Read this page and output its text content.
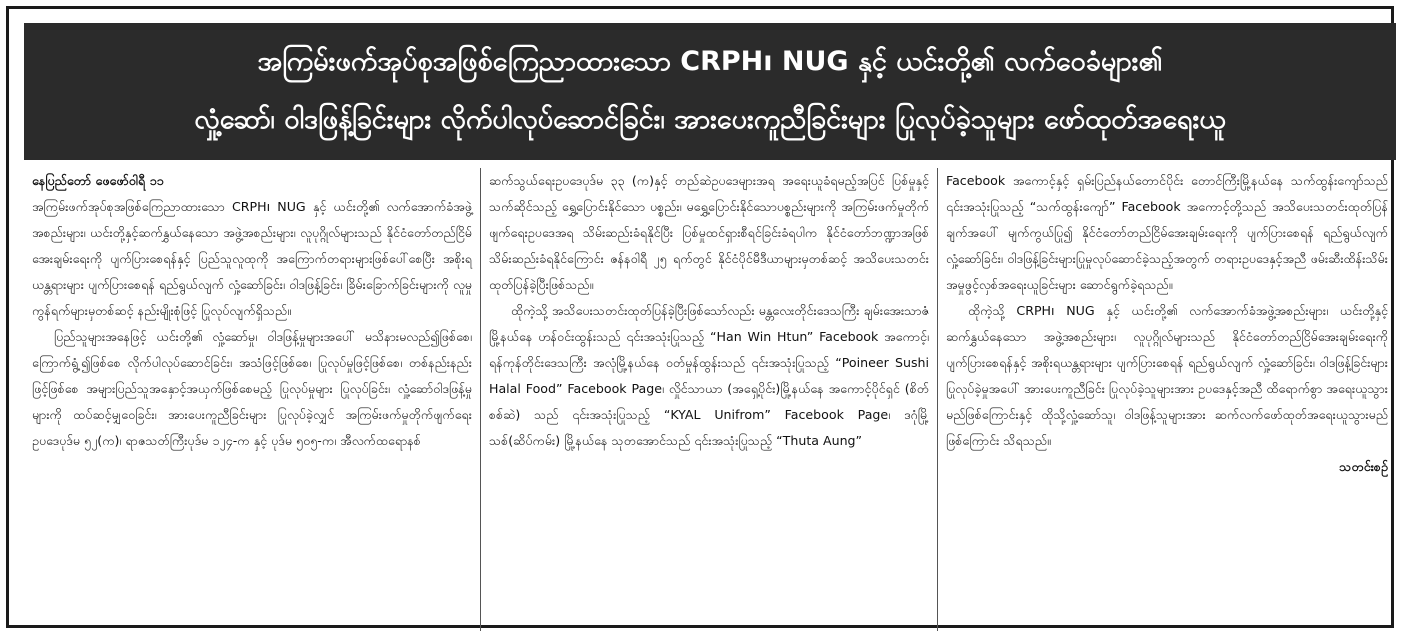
အကြမ်းဖက်အုပ်စုအဖြစ်ကြေညာထားသော CRPHı NUG နှင့် ယင်းတို့၏ လက်ဝေခံများ၏
လှုံ့ဆော်၊ ဝါဒဖြန့်ခြင်းများ လိုက်ပါလုပ်ဆောင်ခြင်း၊ အားပေးကူညီခြင်းများ ပြုလုပ်ခဲ့သူများ ဖော်ထုတ်အရေးယူ

နေပြည်တော် ဖေဖော်ဝါရီ ၁၁

အကြမ်းဖက်အုပ်စုအဖြစ်ကြေညာထားသော CRPHı NUG နှင့် ယင်းတို့၏ လက်အောက်ခံအဖွဲ့အစည်းများ၊ ယင်းတို့နှင့်ဆက်နွှယ်နေသော အဖွဲ့အစည်းများ၊ လူပုဂ္ဂိုလ်များသည် နိုင်ငံတော်တည်ငြိမ်အေးချမ်းရေးကို ပျက်ပြားစေရန်နှင့် ပြည်သူလူထုကို အကြောက်တရားများဖြစ်ပေါ်စေပြီး အစိုးရယန္တရားများ ပျက်ပြားစေရန် ရည်ရွယ်လျက် လှုံ့ဆော်ခြင်း၊ ဝါဒဖြန့်ခြင်း၊ ခြိမ်းခြောက်ခြင်းများကို လူမှုကွန်ရက်များမှတစ်ဆင့် နည်းမျိုးစုံဖြင့် ပြုလုပ်လျက်ရှိသည်။

ပြည်သူများအနေဖြင့် ယင်းတို့၏ လှုံ့ဆော်မှု၊ ဝါဒဖြန့်မှုများအပေါ် မသိနားမလည်၍ဖြစ်စေ၊ ကြောက်ရွံ့၍ဖြစ်စေ လိုက်ပါလုပ်ဆောင်ခြင်း၊ အသံဖြင့်ဖြစ်စေ၊ ပြုလုပ်မှုဖြင့်ဖြစ်စေ၊ တစ်နည်းနည်းဖြင့်ဖြစ်စေ အများပြည်သူအနှောင့်အယှက်ဖြစ်စေမည့် ပြုလုပ်မှုများ ပြုလုပ်ခြင်း၊ လှုံ့ဆော်ဝါဒဖြန့်မှုများကို ထပ်ဆင့်မျှဝေခြင်း၊ အားပေးကူညီခြင်းများ ပြုလုပ်ခဲ့လျှင် အကြမ်းဖက်မှုတိုက်ဖျက်ရေး ဥပဒေပုဒ်မ ၅၂(က)၊ ရာဇသတ်ကြီးပုဒ်မ ၁၂၄-က နှင့် ပုဒ်မ ၅၀၅-က၊ အီလက်ထရောနစ်

ဆက်သွယ်ရေးဥပဒေပုဒ်မ ၃၃ (က)နှင့် တည်ဆဲဥပဒေများအရ အရေးယူခံရမည့်အပြင် ပြစ်မှုနှင့်သက်ဆိုင်သည့် ရွှေ့ပြောင်းနိုင်သော ပစ္စည်း၊ မရွှေ့ပြောင်းနိုင်သောပစ္စည်းများကို အကြမ်းဖက်မှုတိုက်ဖျက်ရေးဥပဒေအရ သိမ်းဆည်းခံရနိုင်ပြီး ပြစ်မှုထင်ရှားစီရင်ခြင်းခံရပါက နိုင်ငံတော်ဘဏ္ဍာအဖြစ်သိမ်းဆည်းခံရနိုင်ကြောင်း ဇန်နဝါရီ ၂၅ ရက်တွင် နိုင်ငံပိုင်မီဒီယာများမှတစ်ဆင့် အသိပေးသတင်းထုတ်ပြန်ခဲ့ပြီးဖြစ်သည်။

ထိုကဲ့သို့ အသိပေးသတင်းထုတ်ပြန်ခဲ့ပြီးဖြစ်သော်လည်း မန္တလေးတိုင်းဒေသကြီး ချမ်းအေးသာဇံမြို့နယ်နေ ဟန်ဝင်းထွန်းသည် ၎င်းအသုံးပြုသည့် “Han Win Htun” Facebook အကောင့်၊ ရန်ကုန်တိုင်းဒေသကြီး အလုံမြို့နယ်နေ ဝတ်မှုန်ထွန်းသည် ၎င်းအသုံးပြုသည့် “Poineer Sushi Halal Food” Facebook Page၊ လှိုင်သာယာ (အရှေ့ပိုင်း)မြို့နယ်နေ အကောင့်ပိုင်ရှင် (စိတ်စစ်ဆဲ) သည် ၎င်းအသုံးပြုသည့် “KYAL Unifrom” Facebook Page၊ ဒဂုံမြို့သစ်(ဆိပ်ကမ်း) မြို့နယ်နေ သုတအောင်သည် ၎င်းအသုံးပြုသည့် “Thuta Aung”

Facebook အကောင့်နှင့် ရှမ်းပြည်နယ်တောင်ပိုင်း တောင်ကြီးမြို့နယ်နေ သက်ထွန်းကျော်သည် ၎င်းအသုံးပြုသည့် “သက်ထွန်းကျော်” Facebook အကောင့်တို့သည် အသိပေးသတင်းထုတ်ပြန်ချက်အပေါ် မျက်ကွယ်ပြု၍ နိုင်ငံတော်တည်ငြိမ်အေးချမ်းရေးကို ပျက်ပြားစေရန် ရည်ရွယ်လျက် လှုံ့ဆော်ခြင်း၊ ဝါဒဖြန့်ခြင်းများပြုမှုလုပ်ဆောင်ခဲ့သည့်အတွက် တရားဥပဒေနှင့်အညီ ဖမ်းဆီးထိန်းသိမ်းအမှုဖွင့်လှစ်အရေးယူခြင်းများ ဆောင်ရွက်ခဲ့ရသည်။

ထိုကဲ့သို့ CRPHı NUG နှင့် ယင်းတို့၏ လက်အောက်ခံအဖွဲ့အစည်းများ၊ ယင်းတို့နှင့် ဆက်နွှယ်နေသော အဖွဲ့အစည်းများ၊ လူပုဂ္ဂိုလ်များသည် နိုင်ငံတော်တည်ငြိမ်အေးချမ်းရေးကို ပျက်ပြားစေရန်နှင့် အစိုးရယန္တရားများ ပျက်ပြားစေရန် ရည်ရွယ်လျက် လှုံ့ဆော်ခြင်း၊ ဝါဒဖြန့်ခြင်းများပြုလုပ်ခဲ့မှုအပေါ် အားပေးကူညီခြင်း ပြုလုပ်ခဲ့သူများအား ဥပဒေနှင့်အညီ ထိရောက်စွာ အရေးယူသွားမည်ဖြစ်ကြောင်းနှင့် ထိုသို့လှုံ့ဆော်သူ၊ ဝါဒဖြန့်သူများအား ဆက်လက်ဖော်ထုတ်အရေးယူသွားမည်ဖြစ်ကြောင်း သိရသည်။

သတင်းစဉ်
